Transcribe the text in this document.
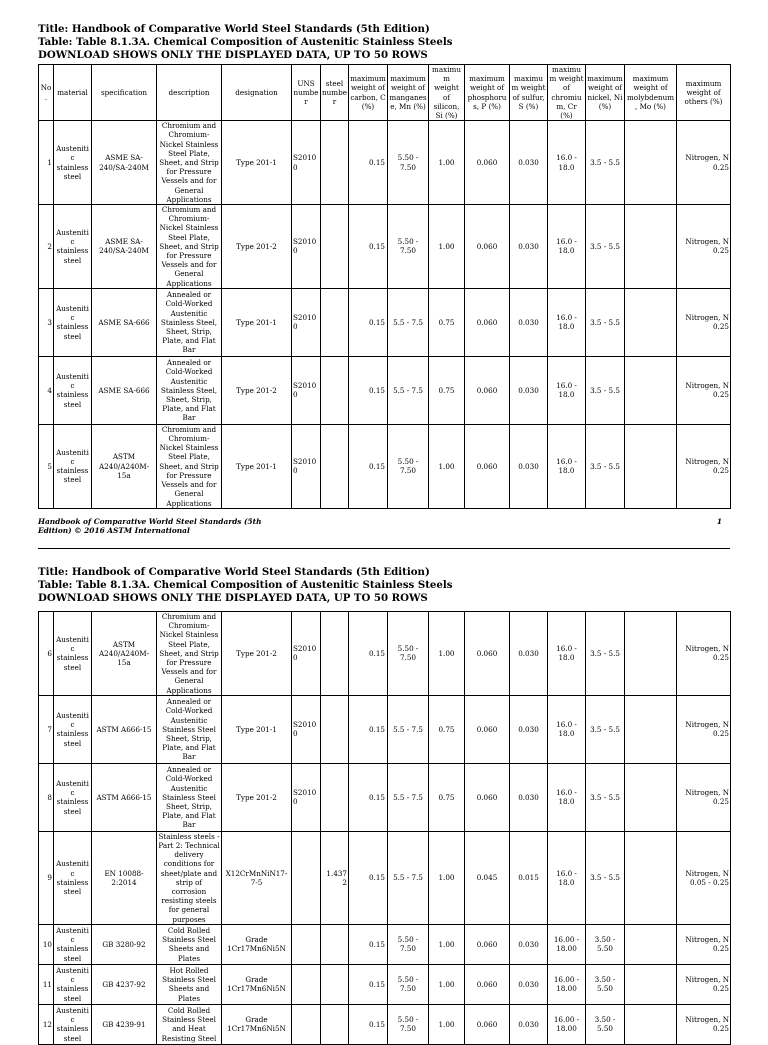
Title: Handbook of Comparative World Steel Standards (5th Edition)
Table: Table 8.1.3A. Chemical Composition of Austenitic Stainless Steels
DOWNLOAD SHOWS ONLY THE DISPLAYED DATA, UP TO 50 ROWS
No.	material	specification	description	designation	UNS number	steel number	maximum weight of carbon, C (%)	maximum weight of manganese, Mn (%)	maximum weight of silicon, Si (%)	maximum weight of phosphorus, P (%)	maximum weight of sulfur, S (%)	maximum weight of chromium, Cr (%)	maximum weight of nickel, Ni (%)	maximum weight of molybdenum, Mo (%)	maximum weight of others (%)
1	Austenitic stainless steel	ASME SA-240/SA-240M	Chromium and Chromium-Nickel Stainless Steel Plate, Sheet, and Strip for Pressure Vessels and for General Applications	Type 201-1	S20100		0.15	5.50 - 7.50	1.00	0.060	0.030	16.0 - 18.0	3.5 - 5.5		Nitrogen, N 0.25
2	Austenitic stainless steel	ASME SA-240/SA-240M	Chromium and Chromium-Nickel Stainless Steel Plate, Sheet, and Strip for Pressure Vessels and for General Applications	Type 201-2	S20100		0.15	5.50 - 7.50	1.00	0.060	0.030	16.0 - 18.0	3.5 - 5.5		Nitrogen, N 0.25
3	Austenitic stainless steel	ASME SA-666	Annealed or Cold-Worked Austenitic Stainless Steel, Sheet, Strip, Plate, and Flat Bar	Type 201-1	S20100		0.15	5.5 - 7.5	0.75	0.060	0.030	16.0 - 18.0	3.5 - 5.5		Nitrogen, N 0.25
4	Austenitic stainless steel	ASME SA-666	Annealed or Cold-Worked Austenitic Stainless Steel, Sheet, Strip, Plate, and Flat Bar	Type 201-2	S20100		0.15	5.5 - 7.5	0.75	0.060	0.030	16.0 - 18.0	3.5 - 5.5		Nitrogen, N 0.25
5	Austenitic stainless steel	ASTM A240/A240M-15a	Chromium and Chromium-Nickel Stainless Steel Plate, Sheet, and Strip for Pressure Vessels and for General Applications	Type 201-1	S20100		0.15	5.50 - 7.50	1.00	0.060	0.030	16.0 - 18.0	3.5 - 5.5		Nitrogen, N 0.25
Handbook of Comparative World Steel Standards (5th Edition) © 2016 ASTM International
1
Title: Handbook of Comparative World Steel Standards (5th Edition)
Table: Table 8.1.3A. Chemical Composition of Austenitic Stainless Steels
DOWNLOAD SHOWS ONLY THE DISPLAYED DATA, UP TO 50 ROWS
6	Austenitic stainless steel	ASTM A240/A240M-15a	Chromium and Chromium-Nickel Stainless Steel Plate, Sheet, and Strip for Pressure Vessels and for General Applications	Type 201-2	S20100		0.15	5.50 - 7.50	1.00	0.060	0.030	16.0 - 18.0	3.5 - 5.5		Nitrogen, N 0.25
7	Austenitic stainless steel	ASTM A666-15	Annealed or Cold-Worked Austenitic Stainless Steel Sheet, Strip, Plate, and Flat Bar	Type 201-1	S20100		0.15	5.5 - 7.5	0.75	0.060	0.030	16.0 - 18.0	3.5 - 5.5		Nitrogen, N 0.25
8	Austenitic stainless steel	ASTM A666-15	Annealed or Cold-Worked Austenitic Stainless Steel Sheet, Strip, Plate, and Flat Bar	Type 201-2	S20100		0.15	5.5 - 7.5	0.75	0.060	0.030	16.0 - 18.0	3.5 - 5.5		Nitrogen, N 0.25
9	Austenitic stainless steel	EN 10088-2:2014	Stainless steels - Part 2: Technical delivery conditions for sheet/plate and strip of corrosion resisting steels for general purposes	X12CrMnNiN17-7-5		1.4372	0.15	5.5 - 7.5	1.00	0.045	0.015	16.0 - 18.0	3.5 - 5.5		Nitrogen, N 0.05 - 0.25
10	Austenitic stainless steel	GB 3280-92	Cold Rolled Stainless Steel Sheets and Plates	Grade 1Cr17Mn6Ni5N			0.15	5.50 - 7.50	1.00	0.060	0.030	16.00 - 18.00	3.50 - 5.50		Nitrogen, N 0.25
11	Austenitic stainless steel	GB 4237-92	Hot Rolled Stainless Steel Sheets and Plates	Grade 1Cr17Mn6Ni5N			0.15	5.50 - 7.50	1.00	0.060	0.030	16.00 - 18.00	3.50 - 5.50		Nitrogen, N 0.25
12	Austenitic stainless steel	GB 4239-91	Cold Rolled Stainless Steel and Heat Resisting Steel	Grade 1Cr17Mn6Ni5N			0.15	5.50 - 7.50	1.00	0.060	0.030	16.00 - 18.00	3.50 - 5.50		Nitrogen, N 0.25
